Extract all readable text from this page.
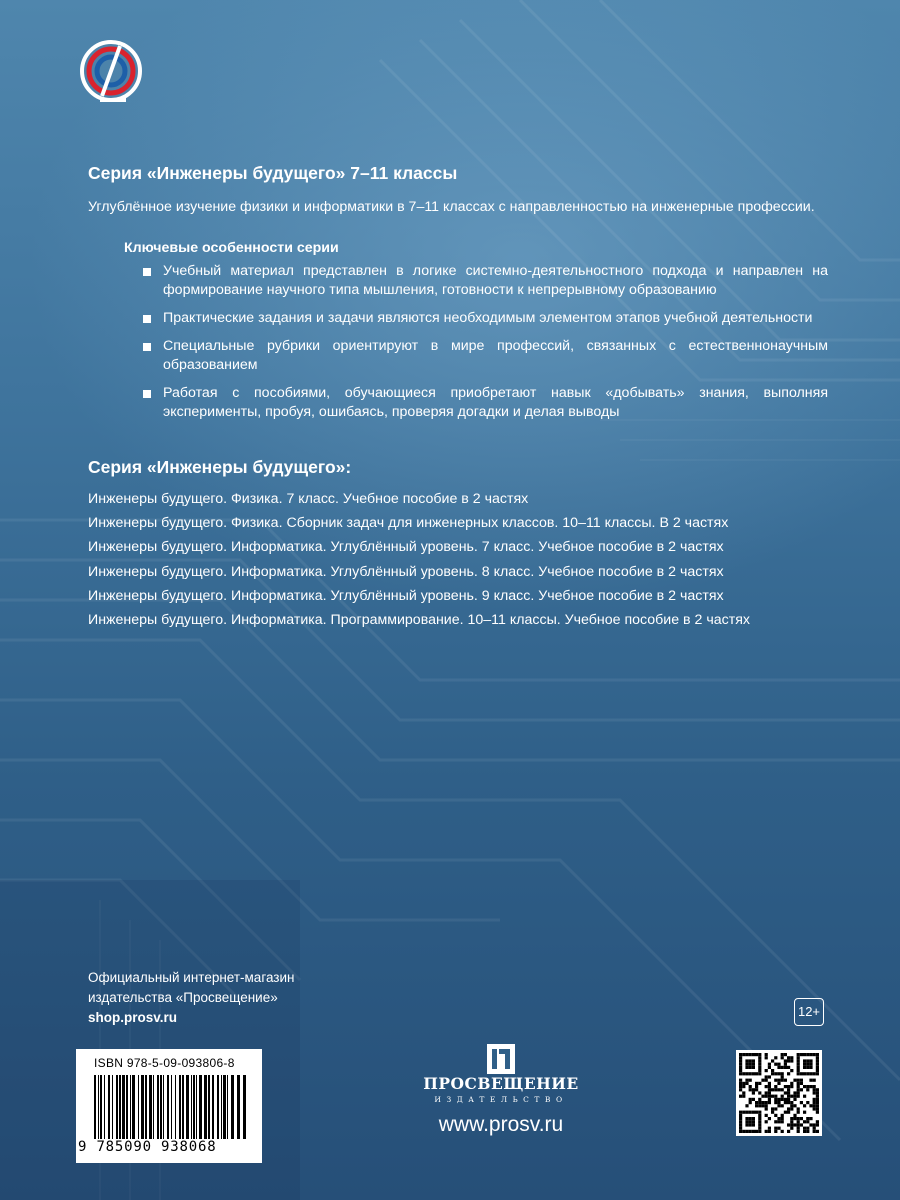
Серия «Инженеры будущего» 7–11 классы
Углублённое изучение физики и информатики в 7–11 классах с направленностью на инженерные профессии.
Ключевые особенности серии
Учебный материал представлен в логике системно-деятельностного подхода и направлен на формирование научного типа мышления, готовности к непрерывному образованию
Практические задания и задачи являются необходимым элементом этапов учебной деятельности
Специальные рубрики ориентируют в мире профессий, связанных с естественнонаучным образованием
Работая с пособиями, обучающиеся приобретают навык «добывать» знания, выполняя эксперименты, пробуя, ошибаясь, проверяя догадки и делая выводы
Серия «Инженеры будущего»:
Инженеры будущего. Физика. 7 класс. Учебное пособие в 2 частях
Инженеры будущего. Физика. Сборник задач для инженерных классов. 10–11 классы. В 2 частях
Инженеры будущего. Информатика. Углублённый уровень. 7 класс. Учебное пособие в 2 частях
Инженеры будущего. Информатика. Углублённый уровень. 8 класс. Учебное пособие в 2 частях
Инженеры будущего. Информатика. Углублённый уровень. 9 класс. Учебное пособие в 2 частях
Инженеры будущего. Информатика. Программирование. 10–11 классы. Учебное пособие в 2 частях
Официальный интернет-магазин
издательства «Просвещение»
shop.prosv.ru	12+
ISBN 978-5-09-093806-8
9 785090 938068
ПРОСВЕЩЕНИЕ
ИЗДАТЕЛЬСТВО
www.prosv.ru
